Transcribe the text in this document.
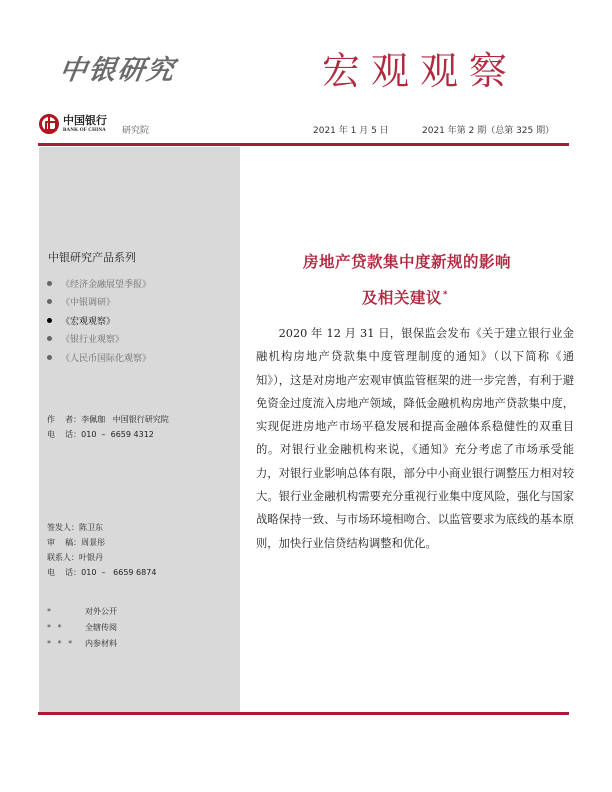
中银研究	宏观观察
中国银行
BANK OF CHINA 研究院	2021 年 1 月 5 日	2021 年第 2 期（总第 325 期）
中银研究产品系列
《经济金融展望季报》
《中银调研》
《宏观观察》
《银行业观察》
《人民币国际化观察》
作    者： 李佩珈   中国银行研究院
电    话： 010  –  6659 4312
签发人： 陈卫东
审    稿： 周景彤
联系人： 叶银丹
电    话： 010  –   6659 6874
*	对外公开
* *	全辖传阅
* * *	内参材料
房地产贷款集中度新规的影响
及相关建议*

2020 年 12 月 31 日，银保监会发布《关于建立银行业金融机构房地产贷款集中度管理制度的通知》（以下简称《通知》），这是对房地产宏观审慎监管框架的进一步完善，有利于避免资金过度流入房地产领域，降低金融机构房地产贷款集中度，实现促进房地产市场平稳发展和提高金融体系稳健性的双重目的。对银行业金融机构来说，《通知》充分考虑了市场承受能力，对银行业影响总体有限，部分中小商业银行调整压力相对较大。银行业金融机构需要充分重视行业集中度风险，强化与国家战略保持一致、与市场环境相吻合、以监管要求为底线的基本原则，加快行业信贷结构调整和优化。
